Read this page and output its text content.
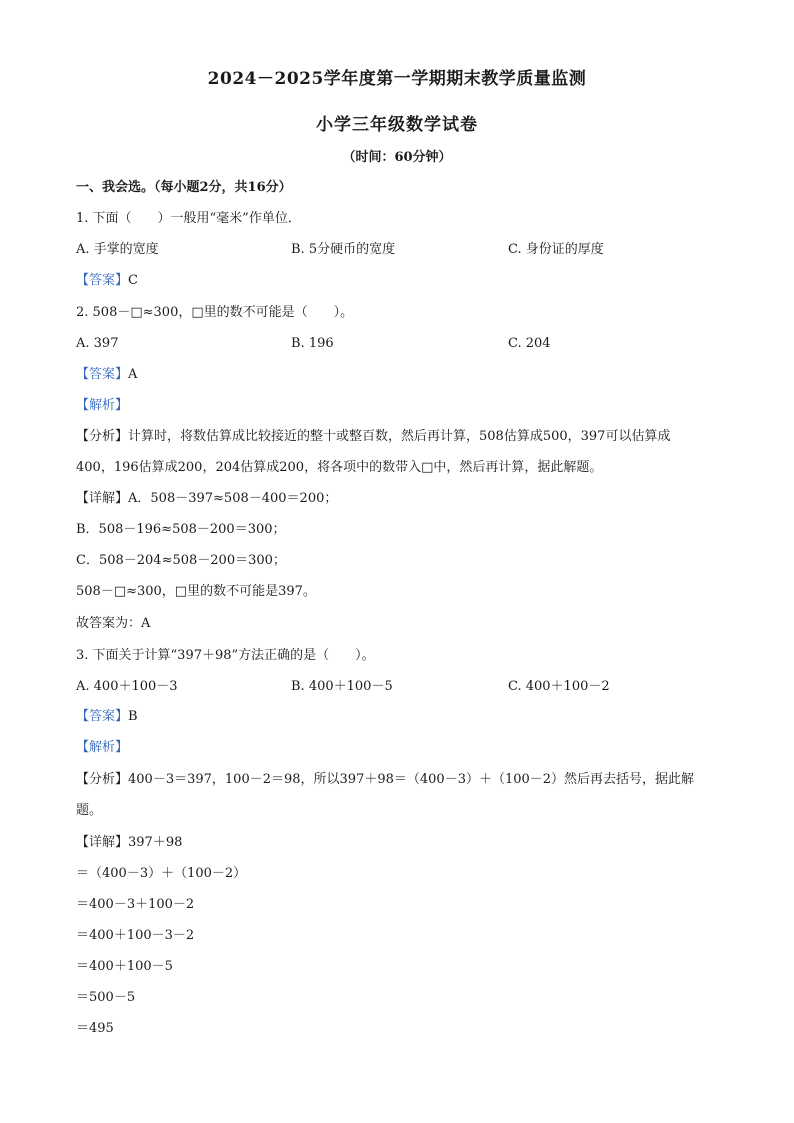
2024－2025学年度第一学期期末教学质量监测
小学三年级数学试卷
（时间：60分钟）
一、我会选。（每小题2分，共16分）
1. 下面（　　）一般用“毫米”作单位．
A. 手掌的宽度	B. 5分硬币的宽度	C. 身份证的厚度
【答案】C
2. 508－□≈300，□里的数不可能是（　　）。
A. 397	B. 196	C. 204
【答案】A
【解析】
【分析】计算时，将数估算成比较接近的整十或整百数，然后再计算，508估算成500，397可以估算成
400，196估算成200，204估算成200，将各项中的数带入□中，然后再计算，据此解题。
【详解】A．508－397≈508－400＝200；
B．508－196≈508－200＝300；
C．508－204≈508－200＝300；
508－□≈300，□里的数不可能是397。
故答案为：A
3. 下面关于计算“397＋98”方法正确的是（　　）。
A. 400＋100－3	B. 400＋100－5	C. 400＋100－2
【答案】B
【解析】
【分析】400－3＝397，100－2＝98，所以397＋98＝（400－3）＋（100－2）然后再去括号，据此解
题。
【详解】397＋98
＝（400－3）＋（100－2）
＝400－3＋100－2
＝400＋100－3－2
＝400＋100－5
＝500－5
＝495
